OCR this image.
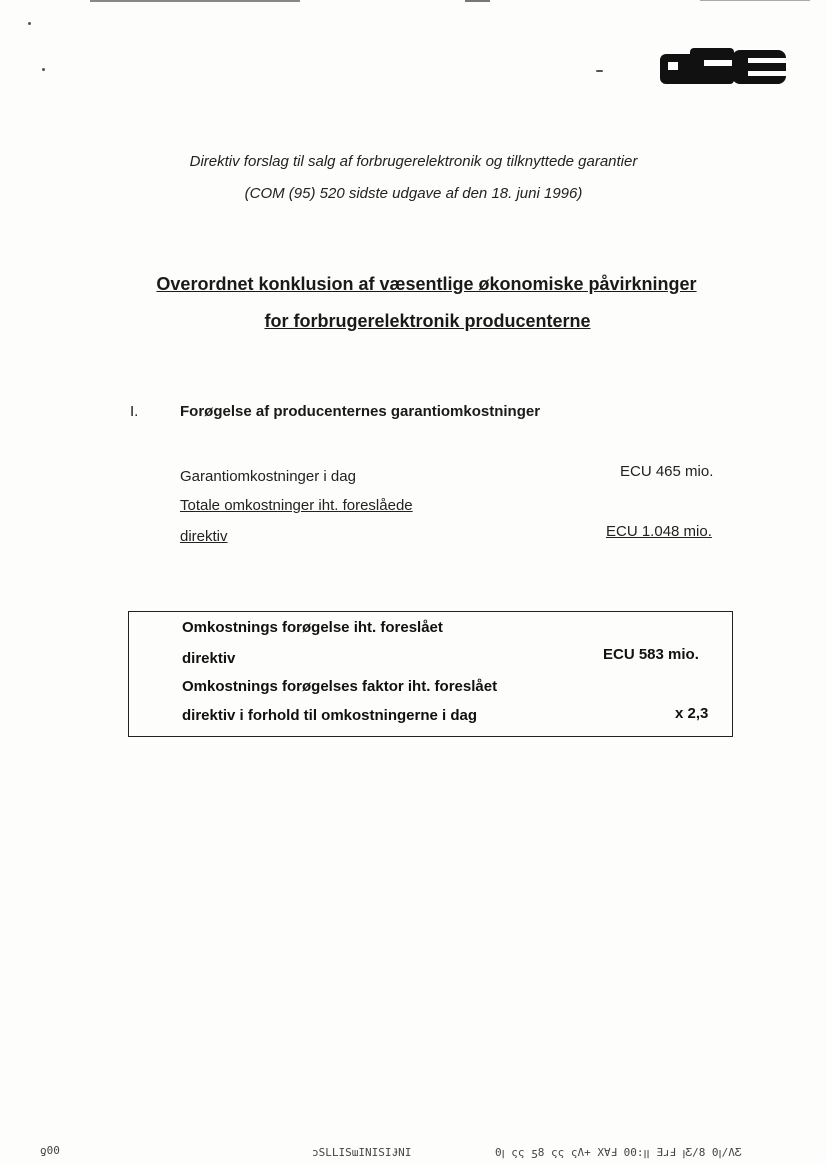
Direktiv forslag til salg af forbrugerelektronik og tilknyttede garantier
(COM (95) 520 sidste udgave af den 18. juni 1996)
Overordnet konklusion af væsentlige økonomiske påvirkninger
for forbrugerelektronik producenterne
I.	Forøgelse af producenternes garantiomkostninger
Garantiomkostninger i dag	ECU 465 mio.
Totale omkostninger iht. foreslåede
direktiv	ECU 1.048 mio.
Omkostnings forøgelse iht. foreslået
direktiv	ECU 583 mio.
Omkostnings forøgelses faktor iht. foreslået
direktiv i forhold til omkostningerne i dag	x 2,3
ƍ00	ɔSLLISɯINISIɈNI	0ꞁ ςς ƽ8 ςς ςɅ+ XⱯℲ 00:ꞁꞁ ƎɹℲ ꞁƸ/8 0ꞁ/ɅƸ
